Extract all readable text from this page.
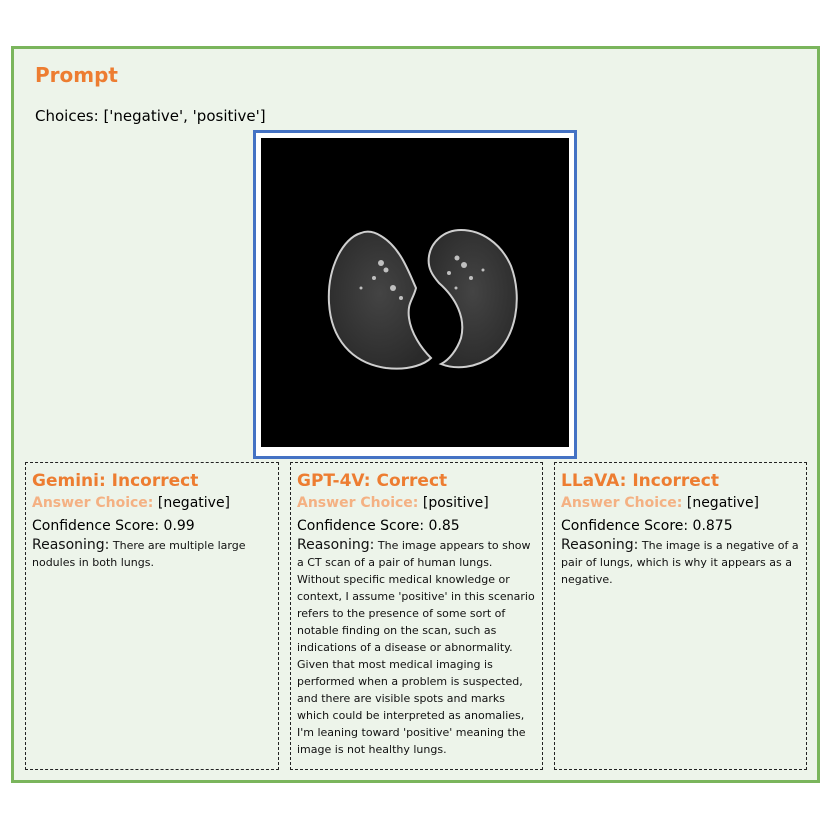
Prompt
Choices: ['negative', 'positive']
Gemini: Incorrect
Answer Choice: [negative]
Confidence Score: 0.99
Reasoning: There are multiple large nodules in both lungs.
GPT-4V: Correct
Answer Choice: [positive]
Confidence Score: 0.85
Reasoning: The image appears to show a CT scan of a pair of human lungs. Without specific medical knowledge or context, I assume 'positive' in this scenario refers to the presence of some sort of notable finding on the scan, such as indications of a disease or abnormality. Given that most medical imaging is performed when a problem is suspected, and there are visible spots and marks which could be interpreted as anomalies, I'm leaning toward 'positive' meaning the image is not healthy lungs.
LLaVA: Incorrect
Answer Choice: [negative]
Confidence Score: 0.875
Reasoning: The image is a negative of a pair of lungs, which is why it appears as a negative.
